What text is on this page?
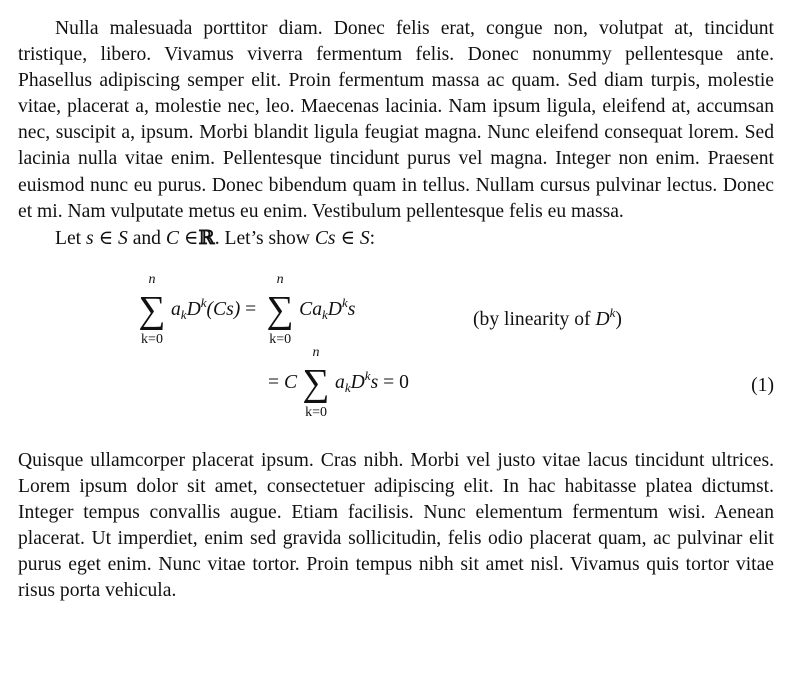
Nulla malesuada porttitor diam. Donec felis erat, congue non, volutpat at, tincidunt tristique, libero. Vivamus viverra fermentum felis. Donec nonummy pellentesque ante. Phasellus adipiscing semper elit. Proin fermentum massa ac quam. Sed diam turpis, molestie vitae, placerat a, molestie nec, leo. Maecenas lacinia. Nam ipsum ligula, eleifend at, accumsan nec, suscipit a, ipsum. Morbi blandit ligula feugiat magna. Nunc eleifend consequat lorem. Sed lacinia nulla vitae enim. Pellentesque tincidunt purus vel magna. Integer non enim. Praesent euismod nunc eu purus. Donec bibendum quam in tellus. Nullam cursus pulvinar lectus. Donec et mi. Nam vulputate metus eu enim. Vestibulum pellentesque felis eu massa.

Let s ∈ S and C ∈ℝ. Let’s show Cs ∈ S:

n
∑
k=0
$a_kD^k(Cs)$ =
n
∑
k=0
$Ca_kD^ks$	(by linearity of $D^k$)
= C
n
∑
k=0
$a_kD^ks = 0$	(1)

Quisque ullamcorper placerat ipsum. Cras nibh. Morbi vel justo vitae lacus tincidunt ultrices. Lorem ipsum dolor sit amet, consectetuer adipiscing elit. In hac habitasse platea dictumst. Integer tempus convallis augue. Etiam facilisis. Nunc elementum fermentum wisi. Aenean placerat. Ut imperdiet, enim sed gravida sollicitudin, felis odio placerat quam, ac pulvinar elit purus eget enim. Nunc vitae tortor. Proin tempus nibh sit amet nisl. Vivamus quis tortor vitae risus porta vehicula.
